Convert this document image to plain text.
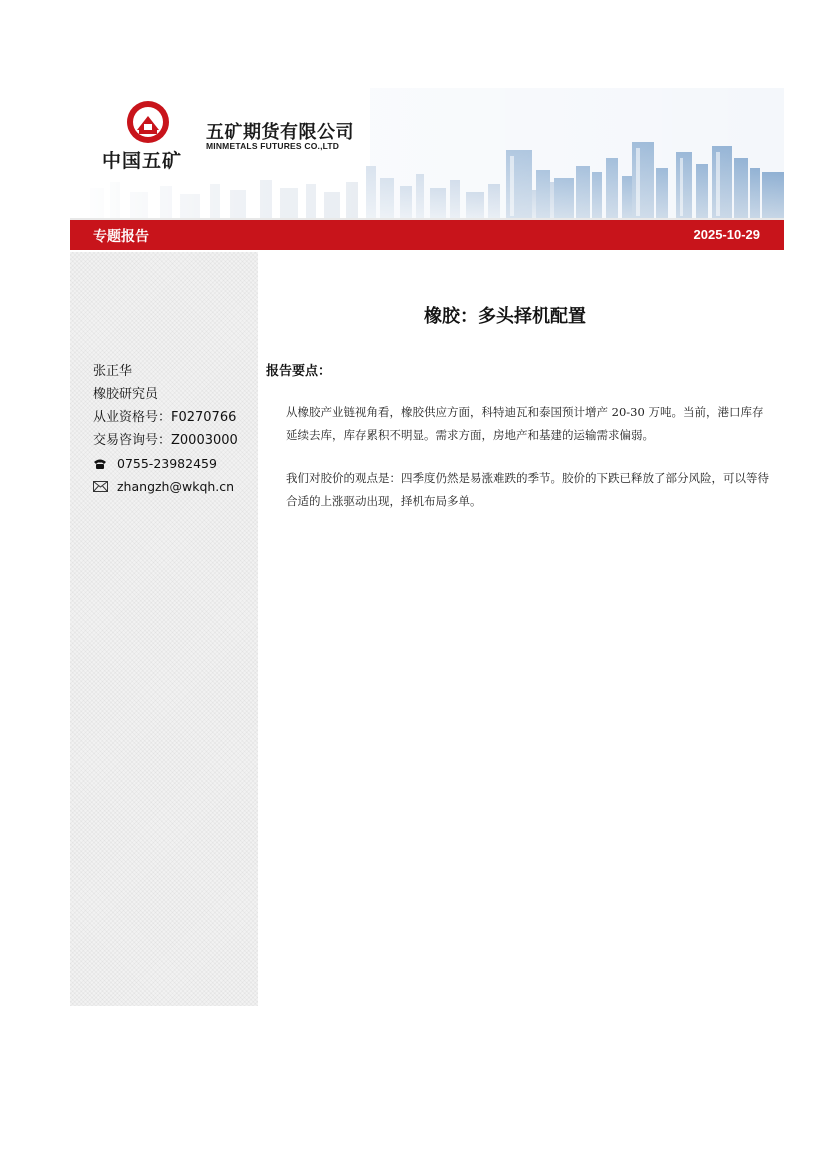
中国五矿
五矿期货有限公司
MINMETALS FUTURES CO.,LTD
专题报告	2025-10-29
张正华
橡胶研究员
从业资格号：F0270766
交易咨询号：Z0003000
0755-23982459
zhangzh@wkqh.cn
橡胶：多头择机配置
报告要点：
从橡胶产业链视角看，橡胶供应方面，科特迪瓦和泰国预计增产 20-30 万吨。当前，港口库存延续去库，库存累积不明显。需求方面，房地产和基建的运输需求偏弱。
我们对胶价的观点是：四季度仍然是易涨难跌的季节。胶价的下跌已释放了部分风险，可以等待合适的上涨驱动出现，择机布局多单。
